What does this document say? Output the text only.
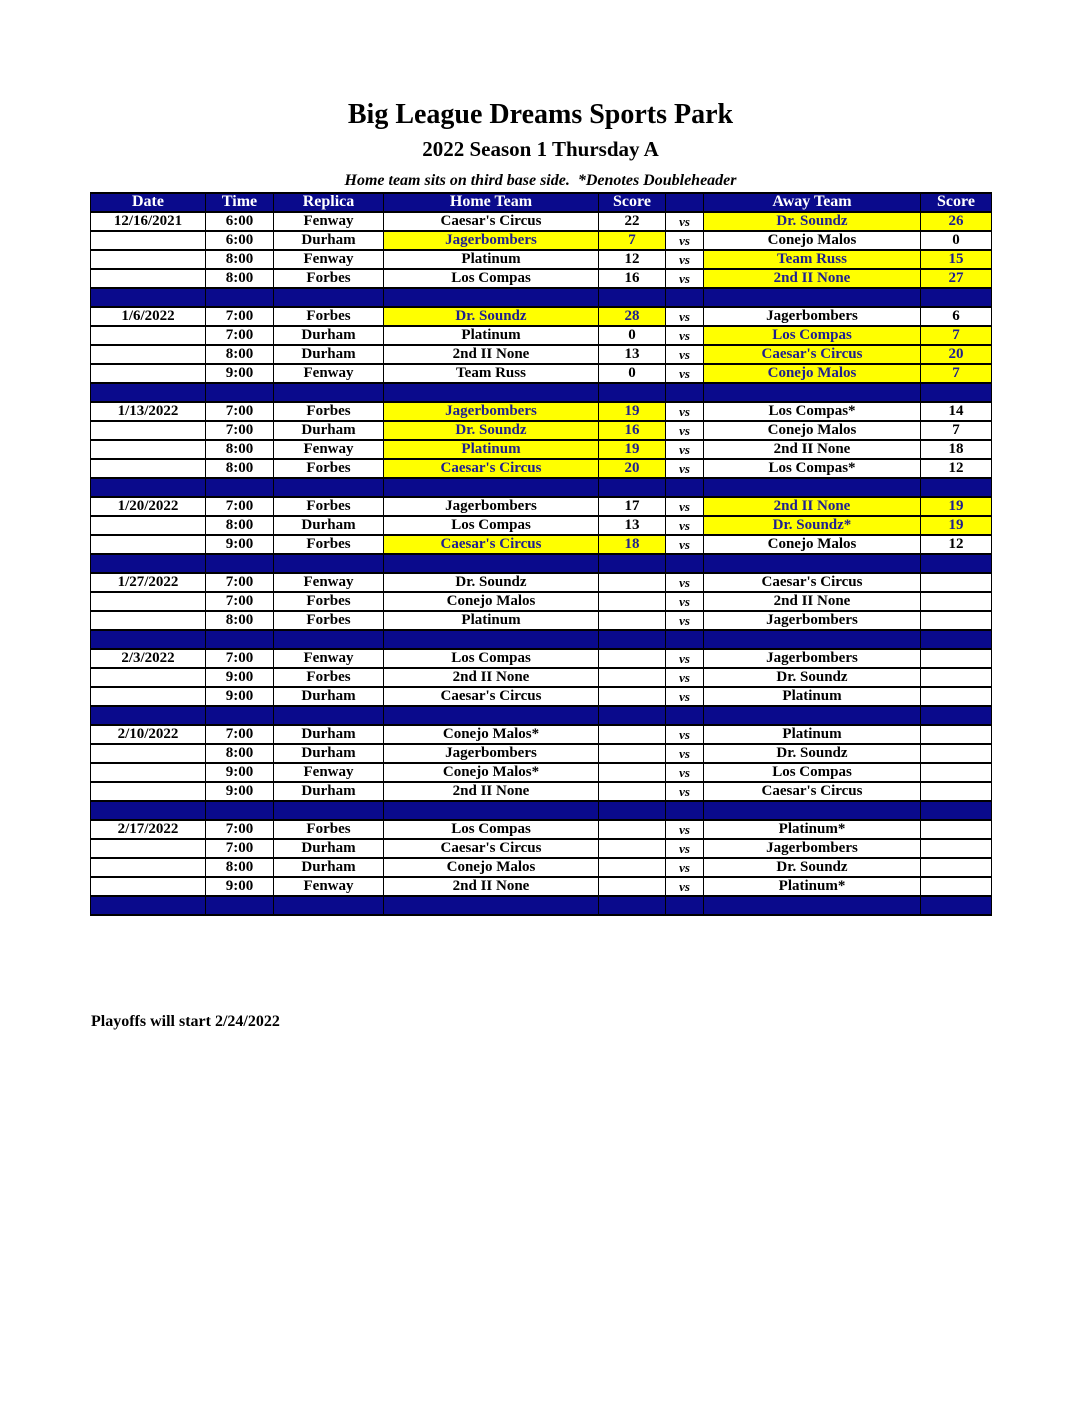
Big League Dreams Sports Park
2022 Season 1 Thursday A
Home team sits on third base side.  *Denotes Doubleheader
Date	Time	Replica	Home Team	Score		Away Team	Score
12/16/2021	6:00	Fenway	Caesar's Circus	22	vs	Dr. Soundz	26
	6:00	Durham	Jagerbombers	7	vs	Conejo Malos	0
	8:00	Fenway	Platinum	12	vs	Team Russ	15
	8:00	Forbes	Los Compas	16	vs	2nd II None	27

1/6/2022	7:00	Forbes	Dr. Soundz	28	vs	Jagerbombers	6
	7:00	Durham	Platinum	0	vs	Los Compas	7
	8:00	Durham	2nd II None	13	vs	Caesar's Circus	20
	9:00	Fenway	Team Russ	0	vs	Conejo Malos	7

1/13/2022	7:00	Forbes	Jagerbombers	19	vs	Los Compas*	14
	7:00	Durham	Dr. Soundz	16	vs	Conejo Malos	7
	8:00	Fenway	Platinum	19	vs	2nd II None	18
	8:00	Forbes	Caesar's Circus	20	vs	Los Compas*	12

1/20/2022	7:00	Forbes	Jagerbombers	17	vs	2nd II None	19
	8:00	Durham	Los Compas	13	vs	Dr. Soundz*	19
	9:00	Forbes	Caesar's Circus	18	vs	Conejo Malos	12

1/27/2022	7:00	Fenway	Dr. Soundz		vs	Caesar's Circus	
	7:00	Forbes	Conejo Malos		vs	2nd II None	
	8:00	Forbes	Platinum		vs	Jagerbombers	

2/3/2022	7:00	Fenway	Los Compas		vs	Jagerbombers	
	9:00	Forbes	2nd II None		vs	Dr. Soundz	
	9:00	Durham	Caesar's Circus		vs	Platinum	

2/10/2022	7:00	Durham	Conejo Malos*		vs	Platinum	
	8:00	Durham	Jagerbombers		vs	Dr. Soundz	
	9:00	Fenway	Conejo Malos*		vs	Los Compas	
	9:00	Durham	2nd II None		vs	Caesar's Circus	

2/17/2022	7:00	Forbes	Los Compas		vs	Platinum*	
	7:00	Durham	Caesar's Circus		vs	Jagerbombers	
	8:00	Durham	Conejo Malos		vs	Dr. Soundz	
	9:00	Fenway	2nd II None		vs	Platinum*	

Playoffs will start 2/24/2022
